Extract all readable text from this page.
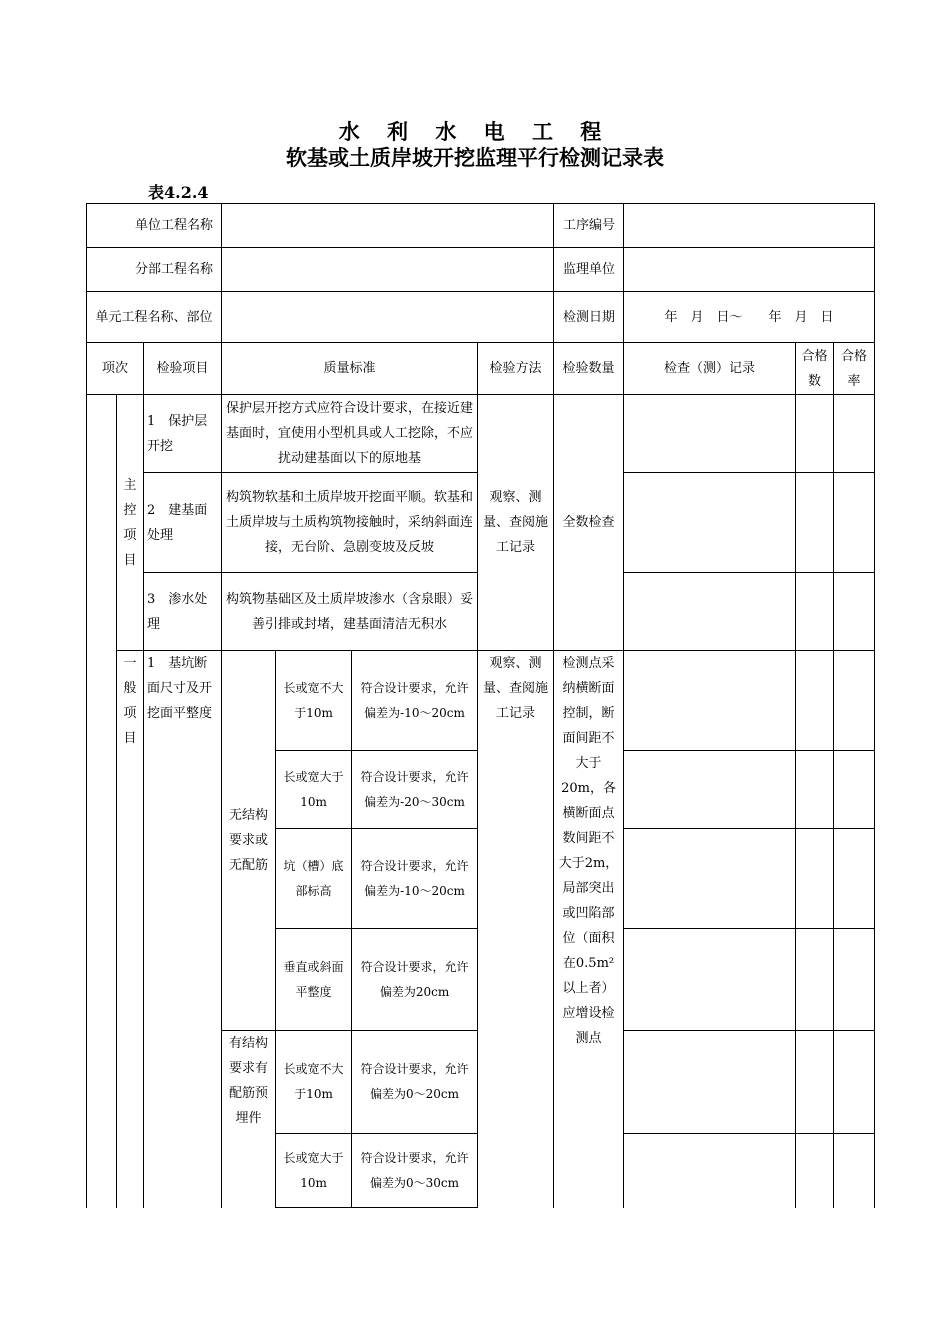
水 利 水 电 工 程
软基或土质岸坡开挖监理平行检测记录表
表4.2.4
单位工程名称							工序编号			
分部工程名称							监理单位			
单元工程名称、部位							检测日期	年　月　日～　　年　月　日		
项次		检验项目	质量标准			检验方法	检验数量	检查（测）记录	合格数	合格率
	主控项目	1　 保护层开挖	保护层开挖方式应符合设计要求，在接近建基面时，宜使用小型机具或人工挖除，不应扰动建基面以下的原地基			观察、测量、查阅施工记录	全数检查			
		2　 建基面处理	构筑物软基和土质岸坡开挖面平顺。软基和土质岸坡与土质构筑物接触时，采纳斜面连接，无台阶、急剧变坡及反坡							
		3　 渗水处理	构筑物基础区及土质岸坡渗水（含泉眼）妥善引排或封堵，建基面清洁无积水							
	一般项目	1　 基坑断面尺寸及开挖面平整度	无结构要求或无配筋	长或宽不大于10m	符合设计要求，允许偏差为-10～20cm	观察、测量、查阅施工记录	检测点采纳横断面控制，断面间距不大于20m，各横断面点数间距不大于2m，局部突出或凹陷部位（面积在0.5m²以上者）应增设检测点			
				长或宽大于10m	符合设计要求，允许偏差为-20～30cm					
				坑（槽）底部标高	符合设计要求，允许偏差为-10～20cm					
				垂直或斜面平整度	符合设计要求，允许偏差为20cm					
			有结构要求有配筋预埋件	长或宽不大于10m	符合设计要求，允许偏差为0～20cm					
				长或宽大于10m	符合设计要求，允许偏差为0～30cm					
